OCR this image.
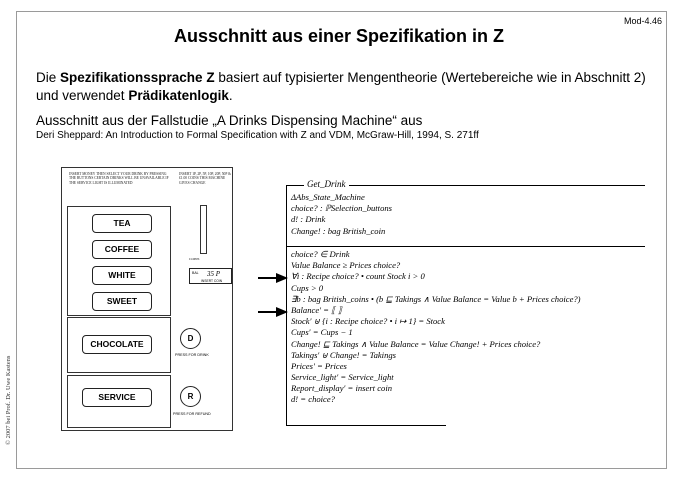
Mod-4.46
Ausschnitt aus einer Spezifikation in Z
Die Spezifikationssprache Z basiert auf typisierter Mengentheorie (Wertebereiche wie in Abschnitt 2) und verwendet Prädikatenlogik.
Ausschnitt aus der Fallstudie „A Drinks Dispensing Machine“ aus
Deri Sheppard: An Introduction to Formal Specification with Z and VDM, McGraw-Hill, 1994, S. 271ff
© 2007 bei Prof. Dr. Uwe Kastens
INSERT MONEY THEN SELECT YOUR DRINK BY PRESSING THE BUTTONS CERTAIN DRINKS WILL BE UNAVAILABLE IF THE SERVICE LIGHT IS ILLUMINATED
INSERT 1P, 2P, 5P, 10P, 20P, 50P & £1.00 COINS THIS MACHINE GIVES CHANGE
TEA
COFFEE
WHITE
SWEET
CHOCOLATE
SERVICE
COINS
BAL 35 P
INSERT COIN
D
PRESS FOR DRINK
R
PRESS FOR REFUND
Get_Drink
ΔAbs_State_Machine
choice? : ℙSelection_buttons
d! : Drink
Change! : bag British_coin
choice? ∈ Drink
Value Balance ≥ Prices choice?
∀i : Recipe choice? • count Stock i > 0
Cups > 0
∃b : bag British_coins • (b ⊑ Takings ∧ Value Balance = Value b + Prices choice?)
Balance′ = ⟦ ⟧
Stock′ ⊎ {i : Recipe choice? • i ↦ 1} = Stock
Cups′ = Cups − 1
Change! ⊑ Takings ∧ Value Balance = Value Change! + Prices choice?
Takings′ ⊎ Change! = Takings
Prices′ = Prices
Service_light′ = Service_light
Report_display′ = insert coin
d! = choice?
